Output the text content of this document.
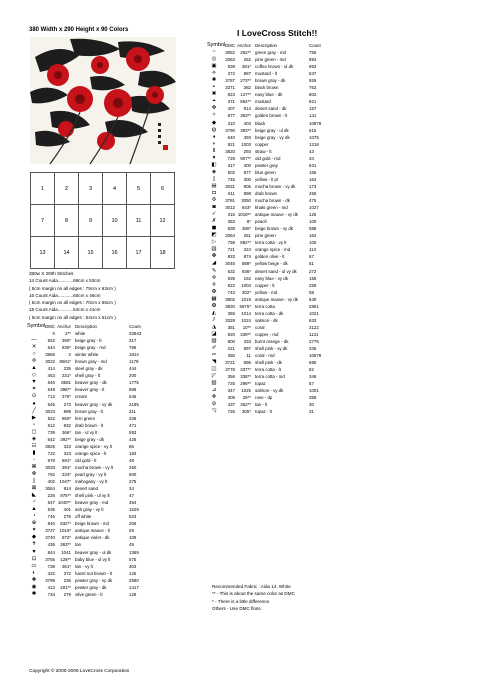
380 Width x 290 Height x 90 Colors	I LoveCross Stitch!!
1	2	3	4	5	6
7	8	9	10	11	12
13	14	15	16	17	18
380w X 290h Stitches
14 Count Aida............69cm x 53cm
( 5cm margin on all edges : 79cm x 63cm )
16 Count Aida............60cm x 46cm
( 5cm margin on all edges : 70cm x 56cm )
18 Count Aida............54cm x 41cm
( 5cm margin on all edges : 64cm x 51cm )
Symbol DMC Anchor Description	Count
0	2** white	33943
—	822	390* beige gray - lt	317
✕	644	830* beige gray - md	786
○	3865	2 winter white	1814
✢	3022	8581* brown gray - md	1179
▲	414	235 steel gray - dk	444
◇	453	231* shell gray - lt	200
▼	646	8581 beaver gray - dk	1775
✶	648	398** beaver gray - lt	698
⊙	712	276* cream	545
●	645	273 beaver gray - vy dk	2195
╱	3023	899 brown gray - lt	211
▶	522	860* fern green	336
▫	612	832 drab brown - lt	471
◻	739	366* tan - ul vy lt	593
◈	642	392** beige gray - dk	426
☷	3825	323 orange spice - vy lt	86
▮	722	323 orange spice - lt	183
◦	678	891* old gold - lt	48
⌘	3033	391* mocha brown - vy lt	260
✜	762	234* pearl gray - vy lt	600
▯	402	1047* mahogany - vy lt	275
⊠	3064	914 desert sand	34
◣	225	975** shell pink - ul vy lt	47
♂	647 1040** beaver gray - md	454
▲	535	401 ash gray - vy lt	1529
◔	746	275 off white	523
⊕	840	832** beige brown - md	206
✦	3727	1016* antique mauve - lt	29
◆	3740	872* antique violet - dk	109
✝	436	363** tan	49
♥	844	1041 beaver gray - ul dk	1369
⊡	3756	128** baby blue - ul vy lt	575
▭	738	361* tan - vy lt	303
◐	422	372 hazel nut brown - lt	126
✚	3799	236 pewter gray - vy dk	2590
◉	413	401** pewter gray - dk	1417
✱	734	279 olive green - lt	129
Symbol DMC Anchor Description	Count
☞	3052	262** green gray - md	756
◎	3363	262 pine green - md	894
▣	938	381* coffee brown - ul dk	953
⟡	372	887 mustard - lt	537
✺	3787	273** brown gray - dk	926
▪	3371	382 black brown	762
✖	823	127** navy blue - dk	802
⌖	371	854** mustard	821
✥	407	914 desert sand - dk	157
✧	977	363** golden brown - lt	141
◆	310	403 black	10878
◍	3790	393** beige gray - ul dk	615
◕	640	393 beige gray - vy dk	1075
◗	921	1003 copper	1218
Ⅱ	3820	293 straw - lt	43
▾	729	907** old gold - md	34
◧	317	400 pewter gray	631
◈	502	877 blue green	166
▯	745	300 yellow - lt pl	164
▤	3031	905 mocha brown - vy dk	173
◘	611	898 drab brown	455
✣	3781	3050 mocha brown - dk	475
◙	3012	843* khaki green - md	1027
✓	315 1019** antique mauve - vy dk	126
✗	353	8* peach	100
◼	838	380* beige brown - vy dk	588
◩	3364	261 pine green	162
▷	758	882** terra cotta - vy lt	100
▥	721	324 orange spice - md	113
✤	833	874 golden olive - lt	67
◢	3045	888* yellow beige - dk	51
✎	632	936* desert sand - ul vy dk	272
✢	939	152 navy blue - vy dk	155
⍟	922	1003 copper - lt	259
✠	743	302* yellow - md	58
▦	3802	1019 antique mauve - vy dk	640
❂	3830	5975* terra cotta	2891
◭	355	1014 terra cotta - dk	1021
⫽	3328	1024 salmon - dk	633
◮	351	10** coral	3122
◪	920	339** copper - md	1131
▧	900	333 burnt orange - dk	2775
✐	221	897 shell pink - vy dk	345
✑	350	11 coral - md	10579
◥	3721	896 shell pink - dk	685
◫	3778	337** terra cotta - lt	82
◸	356	338** terra cotta - md	346
▨	725	298** topaz	57
⊿	347	1025 salmon - vy dk	1001
✙	309	29** rose - dp	358
⊘	437	362** tan - lt	30
◹	726	305* topaz - lt	31
Recommended Fabric : Aida 14, White
** - This is about the same color as DMC
* - There is a little difference.
Others - Use DMC floss.
Copyright © 2000-2006 LoveCross Corporation
